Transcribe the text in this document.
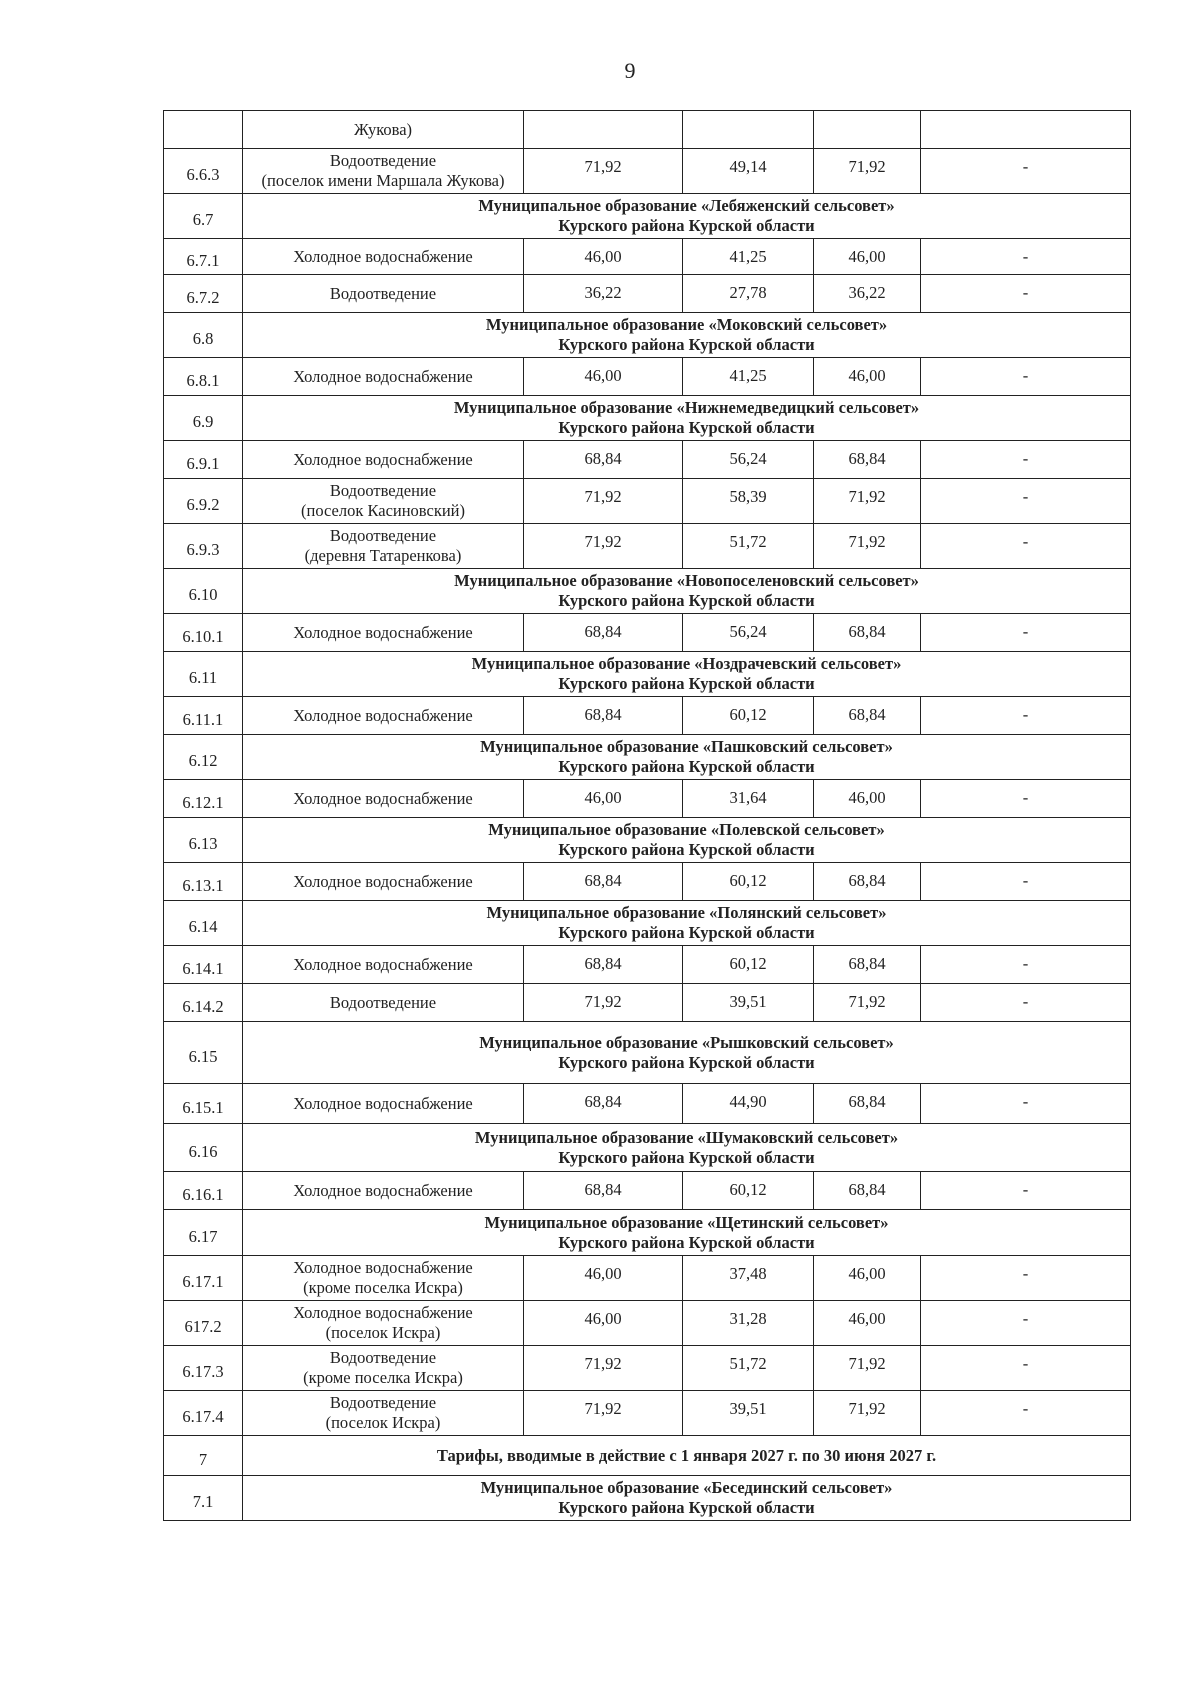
9

	Жукова)				

6.6.3	Водоотведение
(поселок имени Маршала Жукова)	71,92	49,14	71,92	-
6.7	Муниципальное образование «Лебяженский сельсовет»
Курского района Курской области				

6.7.1	Холодное водоснабжение	46,00	41,25	46,00	-
6.7.2	Водоотведение	36,22	27,78	36,22	-
6.8	Муниципальное образование «Моковский сельсовет»
Курского района Курской области				

6.8.1	Холодное водоснабжение	46,00	41,25	46,00	-
6.9	Муниципальное образование «Нижнемедведицкий сельсовет»
Курского района Курской области				

6.9.1	Холодное водоснабжение	68,84	56,24	68,84	-
6.9.2	Водоотведение
(поселок Касиновский)	71,92	58,39	71,92	-
6.9.3	Водоотведение
(деревня Татаренкова)	71,92	51,72	71,92	-
6.10	Муниципальное образование «Новопоселеновский сельсовет»
Курского района Курской области				

6.10.1	Холодное водоснабжение	68,84	56,24	68,84	-
6.11	Муниципальное образование «Ноздрачевский сельсовет»
Курского района Курской области				

6.11.1	Холодное водоснабжение	68,84	60,12	68,84	-
6.12	Муниципальное образование «Пашковский сельсовет»
Курского района Курской области				

6.12.1	Холодное водоснабжение	46,00	31,64	46,00	-
6.13	Муниципальное образование «Полевской сельсовет»
Курского района Курской области				

6.13.1	Холодное водоснабжение	68,84	60,12	68,84	-
6.14	Муниципальное образование «Полянский сельсовет»
Курского района Курской области				

6.14.1	Холодное водоснабжение	68,84	60,12	68,84	-
6.14.2	Водоотведение	71,92	39,51	71,92	-
6.15	Муниципальное образование «Рышковский сельсовет»
Курского района Курской области				

6.15.1	Холодное водоснабжение	68,84	44,90	68,84	-
6.16	Муниципальное образование «Шумаковский сельсовет»
Курского района Курской области				

6.16.1	Холодное водоснабжение	68,84	60,12	68,84	-
6.17	Муниципальное образование «Щетинский сельсовет»
Курского района Курской области				

6.17.1	Холодное водоснабжение
(кроме поселка Искра)	46,00	37,48	46,00	-
617.2	Холодное водоснабжение
(поселок Искра)	46,00	31,28	46,00	-
6.17.3	Водоотведение
(кроме поселка Искра)	71,92	51,72	71,92	-
6.17.4	Водоотведение
(поселок Искра)	71,92	39,51	71,92	-
7	Тарифы, вводимые в действие с 1 января 2027 г. по 30 июня 2027 г.				

7.1	Муниципальное образование «Бесединский сельсовет»
Курского района Курской области				
